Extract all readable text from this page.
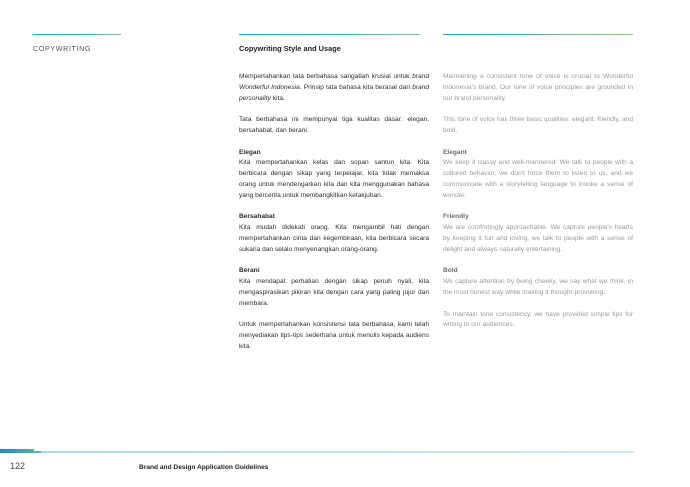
COPYWRITING	Copywriting Style and Usage

Mempertahankan tata berbahasa sangatlah krusial untuk brand Wonderful Indonesia. Prinsip tata bahasa kita berasal dari brand personality kita.

Tata berbahasa ini mempunyai tiga kualitas dasar: elegan, bersahabat, dan berani.

Elegan
Kita mempertahankan kelas dan sopan santun kita. Kita berbicara dengan sikap yang terpelajar, kita tidak memaksa orang untuk mendengarkan kita dan kita menggunakan bahasa yang bercerita untuk membangkitkan ketakjuban.

Bersahabat
Kita mudah didekati orang. Kita mengambil hati dengan mempertahankan cinta dan kegembiraan, kita berbicara secara sukaria dan selalu menyenangkan orang-orang.

Berani
Kita mendapat perhatian dengan sikap penuh nyali, kita mengaspirasikan pikiran kita dengan cara yang paling jujur dan membara.

Untuk mempertahankan konsistensi tata berbahasa, kami telah menyediakan tips-tips sederhana untuk menulis kepada audiens kita.

Maintaining a consistent tone of voice is crucial to Wonderful Indonesia's brand. Our tone of voice principles are grounded in our brand personality.

This tone of voice has three basic qualities: elegant, friendly, and bold.

Elegant
We keep it classy and well-mannered. We talk to people with a cultured behavior, we don't force them to listen to us, and we communicate with a storytelling language to invoke a sense of wonder.

Friendly
We are comfortingly approachable. We capture people's hearts by keeping it fun and loving, we talk to people with a sense of delight and always naturally entertaining.

Bold
We capture attention by being cheeky, we say what we think, in the most honest way while making it thought-provoking.

To maintain tone consistency, we have provided simple tips for writing to our audiences.

122	Brand and Design Application Guidelines
